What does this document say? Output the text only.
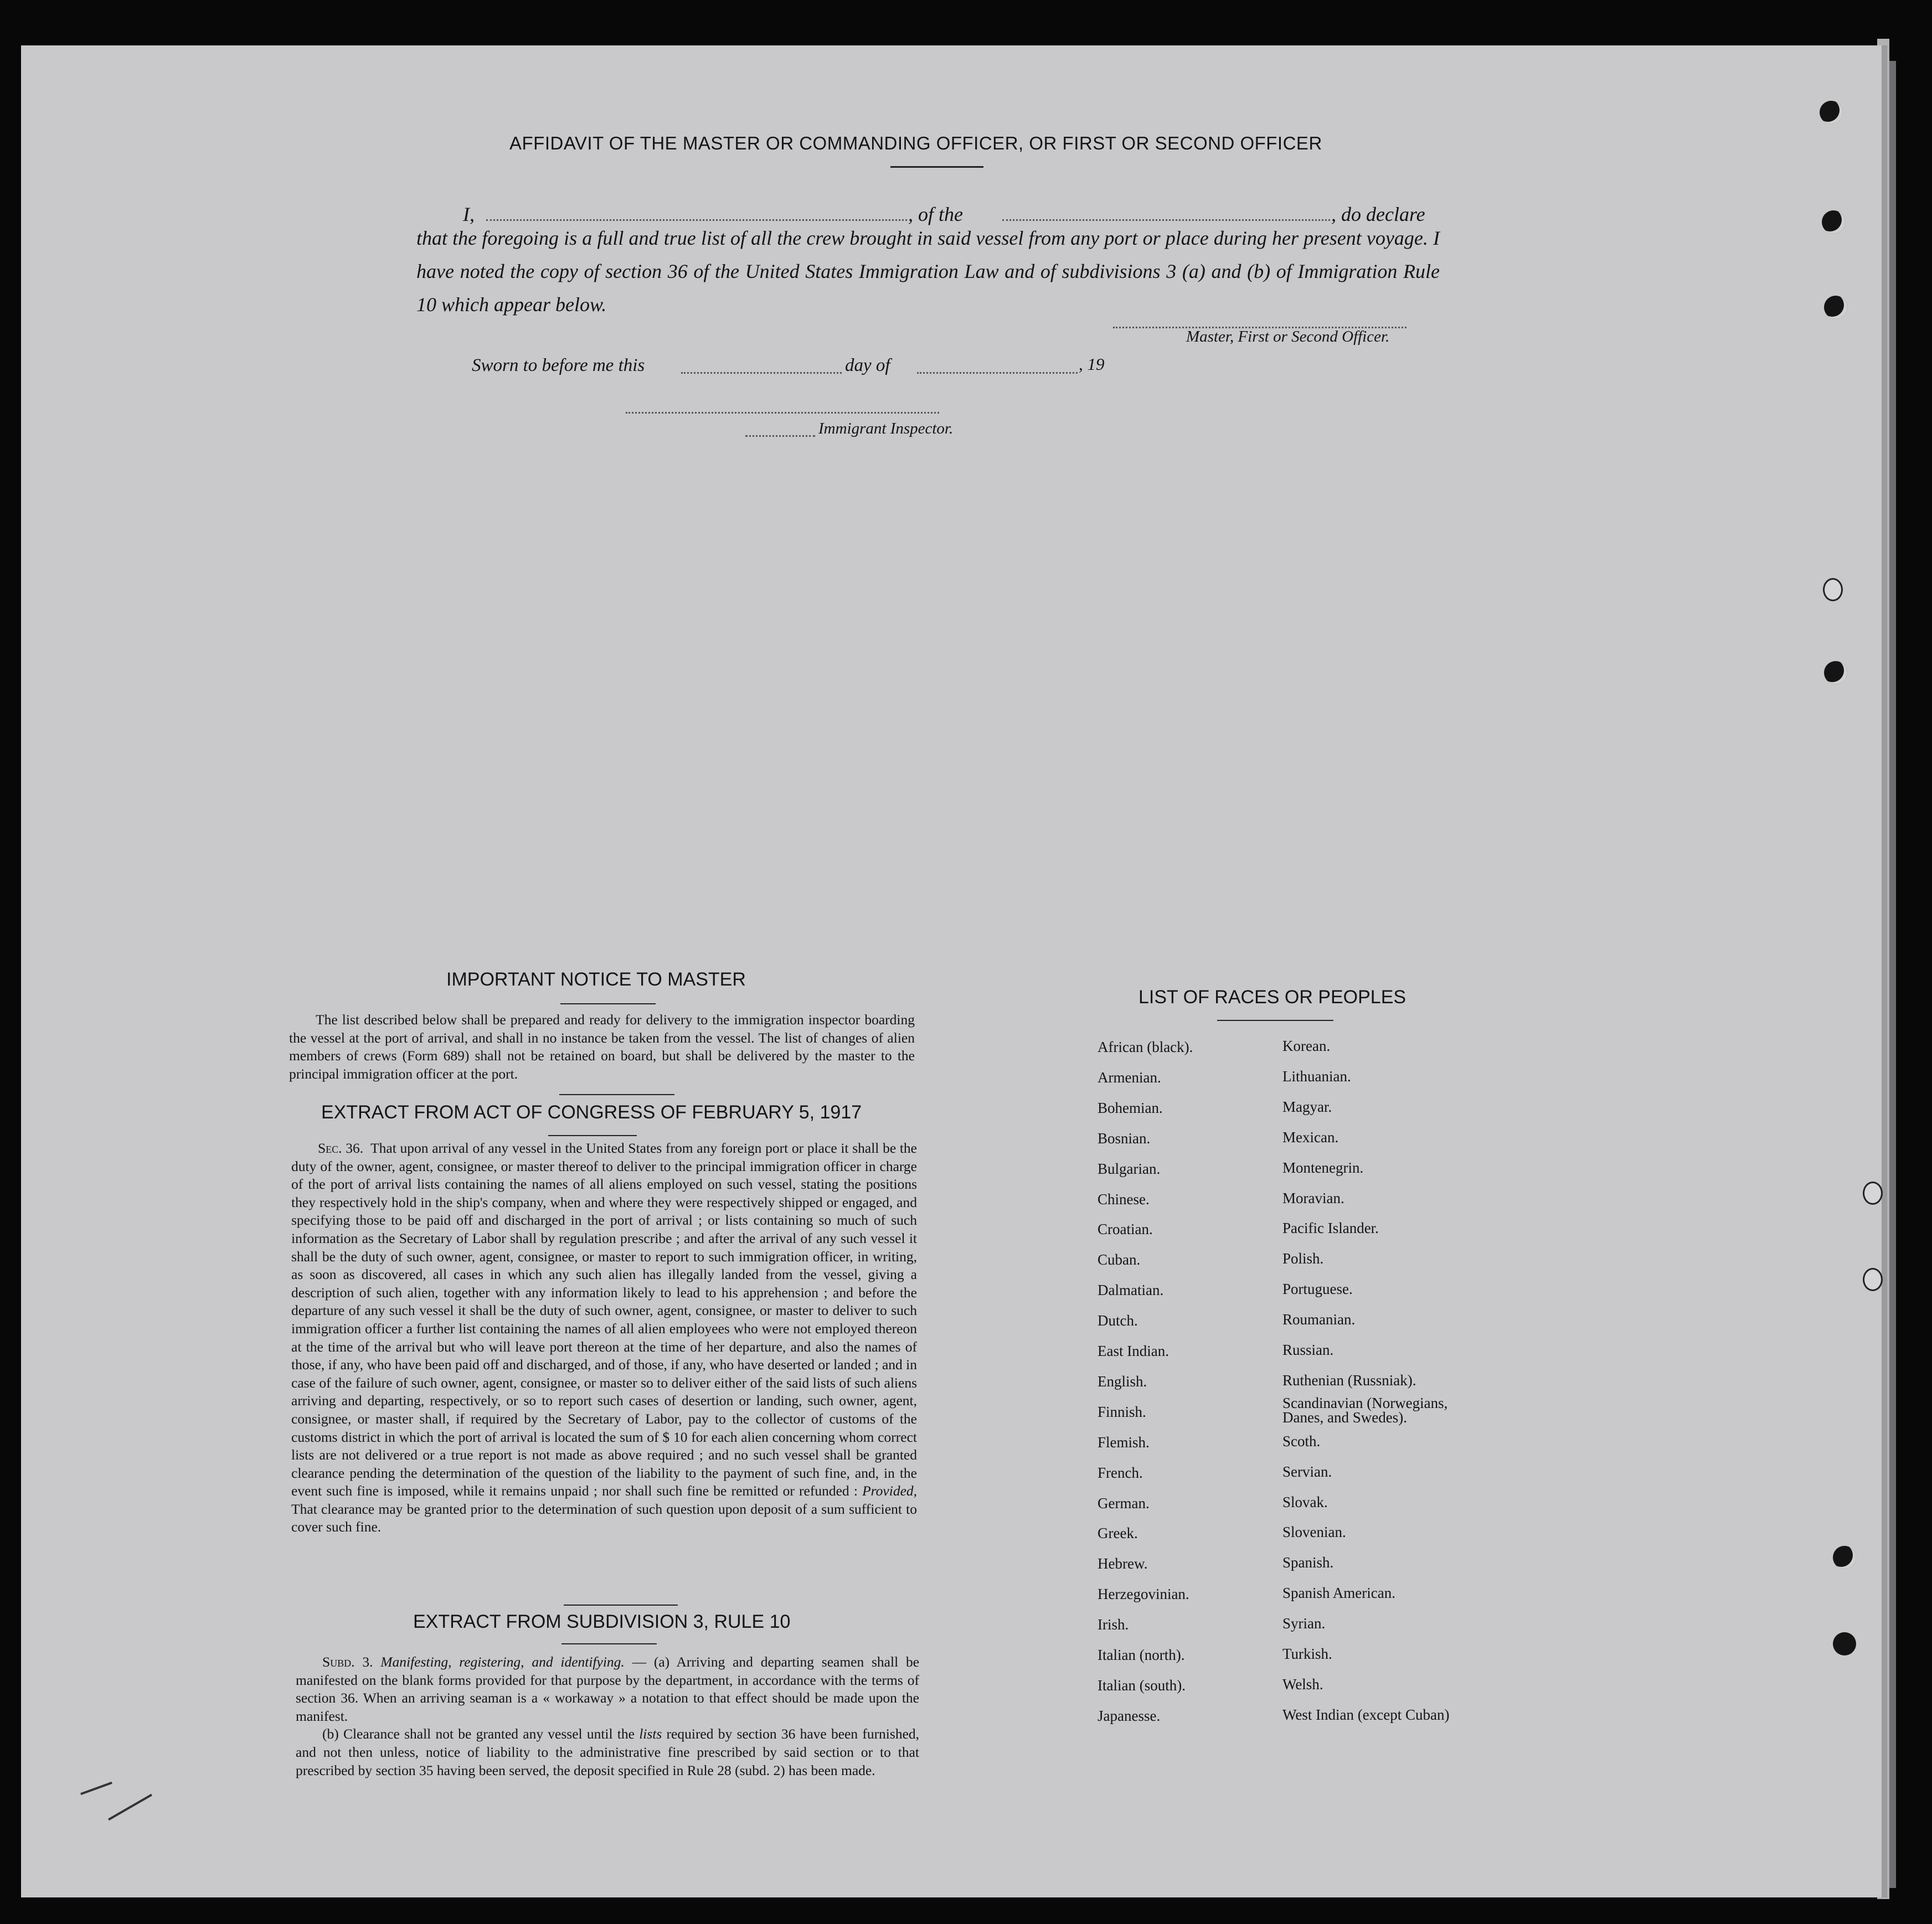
AFFIDAVIT OF THE MASTER OR COMMANDING OFFICER, OR FIRST OR SECOND OFFICER
I,	, of the	, do declare
that the foregoing is a full and true list of all the crew brought in said vessel from any port or place during her present voyage. I have noted the copy of section 36 of the United States Immigration Law and of subdivisions 3 (a) and (b) of Immigration Rule 10 which appear below.
Master, First or Second Officer.
Sworn to before me this	day of	, 19
Immigrant Inspector.
IMPORTANT NOTICE TO MASTER

The list described below shall be prepared and ready for delivery to the immigration inspector boarding the vessel at the port of arrival, and shall in no instance be taken from the vessel. The list of changes of alien members of crews (Form 689) shall not be retained on board, but shall be delivered by the master to the principal immigration officer at the port.

EXTRACT FROM ACT OF CONGRESS OF FEBRUARY 5, 1917

Sec. 36. That upon arrival of any vessel in the United States from any foreign port or place it shall be the duty of the owner, agent, consignee, or master thereof to deliver to the principal immigration officer in charge of the port of arrival lists containing the names of all aliens employed on such vessel, stating the positions they respectively hold in the ship's company, when and where they were respectively shipped or engaged, and specifying those to be paid off and discharged in the port of arrival ; or lists containing so much of such information as the Secretary of Labor shall by regulation prescribe ; and after the arrival of any such vessel it shall be the duty of such owner, agent, consignee, or master to report to such immigration officer, in writing, as soon as discovered, all cases in which any such alien has illegally landed from the vessel, giving a description of such alien, together with any information likely to lead to his apprehension ; and before the departure of any such vessel it shall be the duty of such owner, agent, consignee, or master to deliver to such immigration officer a further list containing the names of all alien employees who were not employed thereon at the time of the arrival but who will leave port thereon at the time of her departure, and also the names of those, if any, who have been paid off and discharged, and of those, if any, who have deserted or landed ; and in case of the failure of such owner, agent, consignee, or master so to deliver either of the said lists of such aliens arriving and departing, respectively, or so to report such cases of desertion or landing, such owner, agent, consignee, or master shall, if required by the Secretary of Labor, pay to the collector of customs of the customs district in which the port of arrival is located the sum of $ 10 for each alien concerning whom correct lists are not delivered or a true report is not made as above required ; and no such vessel shall be granted clearance pending the determination of the question of the liability to the payment of such fine, and, in the event such fine is imposed, while it remains unpaid ; nor shall such fine be remitted or refunded : Provided, That clearance may be granted prior to the determination of such question upon deposit of a sum sufficient to cover such fine.

EXTRACT FROM SUBDIVISION 3, RULE 10

Subd. 3. Manifesting, registering, and identifying. — (a) Arriving and departing seamen shall be manifested on the blank forms provided for that purpose by the department, in accordance with the terms of section 36. When an arriving seaman is a « workaway » a notation to that effect should be made upon the manifest.

(b) Clearance shall not be granted any vessel until the lists required by section 36 have been furnished, and not then unless, notice of liability to the administrative fine prescribed by said section or to that prescribed by section 35 having been served, the deposit specified in Rule 28 (subd. 2) has been made.

LIST OF RACES OR PEOPLES
African (black).
Armenian.
Bohemian.
Bosnian.
Bulgarian.
Chinese.
Croatian.
Cuban.
Dalmatian.
Dutch.
East Indian.
English.
Finnish.
Flemish.
French.
German.
Greek.
Hebrew.
Herzegovinian.
Irish.
Italian (north).
Italian (south).
Japanesse.
Korean.
Lithuanian.
Magyar.
Mexican.
Montenegrin.
Moravian.
Pacific Islander.
Polish.
Portuguese.
Roumanian.
Russian.
Ruthenian (Russniak).
Scandinavian (Norwegians, Danes, and Swedes).
Scoth.
Servian.
Slovak.
Slovenian.
Spanish.
Spanish American.
Syrian.
Turkish.
Welsh.
West Indian (except Cuban)
